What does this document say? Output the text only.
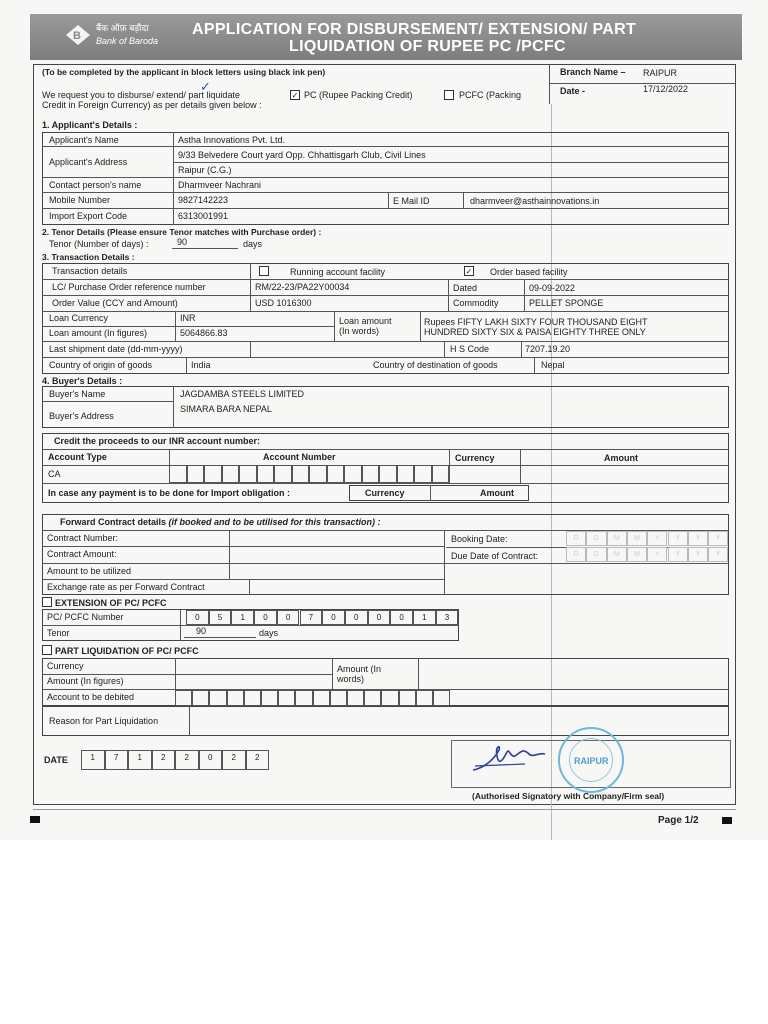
B
बैंक ऑफ़ बड़ौदा
Bank of Baroda
APPLICATION FOR DISBURSEMENT/ EXTENSION/ PART
LIQUIDATION OF RUPEE PC /PCFC
(To be completed by the applicant in block letters using black ink pen)	Branch Name – RAIPUR
Date -	17/12/2022
We request you to disburse/ extend/ part liquidate
✓
✓ PC (Rupee Packing Credit)	PCFC (Packing
Credit in Foreign Currency) as per details given below :
1. Applicant's Details :
Applicant's Name	Astha Innovations Pvt. Ltd.
Applicant's Address
9/33 Belvedere Court yard Opp. Chhattisgarh Club, Civil Lines
Raipur (C.G.)
Contact person's name	Dharmveer Nachrani
Mobile Number	9827142223	E Mail ID	dharmveer@asthainnovations.in
Import Export Code	6313001991
2. Tenor Details (Please ensure Tenor matches with Purchase order) :
Tenor (Number of days) :	90	days
3. Transaction Details :
Transaction details	Running account facility	✓ Order based facility
LC/ Purchase Order reference number	RM/22-23/PA22Y00034	Dated	09-09-2022
Order Value (CCY and Amount)	USD 1016300	Commodity	PELLET SPONGE
Loan Currency	INR
Loan amount (In figures)	5064866.83
Loan amount
(In words)
Rupees FIFTY LAKH SIXTY FOUR THOUSAND EIGHT
HUNDRED SIXTY SIX & PAISA EIGHTY THREE ONLY
Last shipment date (dd-mm-yyyy)	H S Code	7207.19.20
Country of origin of goods	India	Country of destination of goods	Nepal
4. Buyer's Details :
Buyer's Name	JAGDAMBA STEELS LIMITED
Buyer's Address
SIMARA BARA NEPAL
Credit the proceeds to our INR account number:
Account Type	Account Number	Currency	Amount
CA
In case any payment is to be done for Import obligation :	Currency	Amount
Forward Contract details (if booked and to be utilised for this transaction) :
Contract Number:
Contract Amount:
Amount to be utilized
Exchange rate as per Forward Contract
Booking Date:
Due Date of Contract:
D	D	M	M	Y	Y	Y	Y
D	D	M	M	Y	Y	Y	Y
EXTENSION OF PC/ PCFC
PC/ PCFC Number	0	5	1	0	0	7	0	0	0	0	1	3
Tenor	90	days
PART LIQUIDATION OF PC/ PCFC
Currency
Amount (In figures)
Amount (In
words)
Account to be debited
Reason for Part Liquidation
DATE	1	7	1	2	2	0	2	2	RAIPUR
(Authorised Signatory with Company/Firm seal)
Page 1/2
